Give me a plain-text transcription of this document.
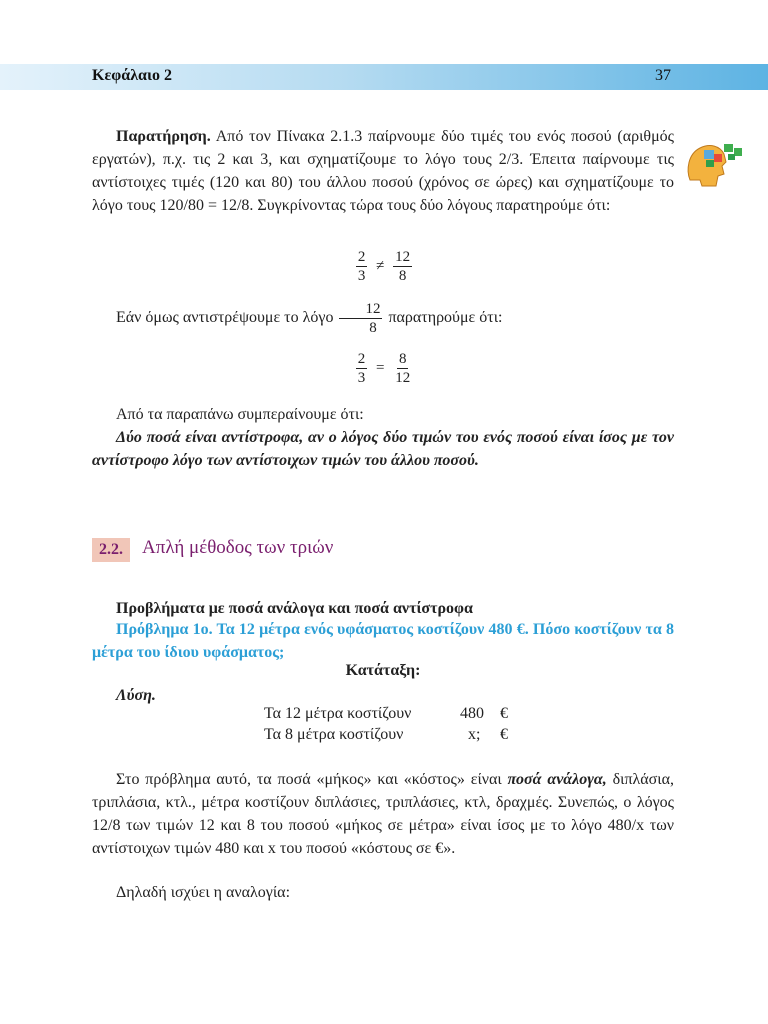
Κεφάλαιο 2	37
Παρατήρηση. Από τον Πίνακα 2.1.3 παίρνουμε δύο τιμές του ενός ποσού (αριθμός εργατών), π.χ. τις 2 και 3, και σχηματίζουμε το λόγο τους 2/3. Έπειτα παίρνουμε τις αντίστοιχες τιμές (120 και 80) του άλλου ποσού (χρόνος σε ώρες) και σχηματίζουμε το λόγο τους 120/80 = 12/8. Συγκρίνοντας τώρα τους δύο λόγους παρατηρούμε ότι:
$\frac{2}{3} \ne \frac{12}{8}$
Εάν όμως αντιστρέψουμε το λόγο $\frac{12}{8}$ παρατηρούμε ότι:
$\frac{2}{3} = \frac{8}{12}$
Από τα παραπάνω συμπεραίνουμε ότι:
Δύο ποσά είναι αντίστροφα, αν ο λόγος δύο τιμών του ενός ποσού είναι ίσος με τον αντίστροφο λόγο των αντίστοιχων τιμών του άλλου ποσού.
2.2.	Απλή μέθοδος των τριών
Προβλήματα με ποσά ανάλογα και ποσά αντίστροφα
Πρόβλημα 1ο. Τα 12 μέτρα ενός υφάσματος κοστίζουν 480 €. Πόσο κοστίζουν τα 8 μέτρα του ίδιου υφάσματος;
Κατάταξη:
Λύση.
Τα 12 μέτρα κοστίζουν	480 €
Τα 8 μέτρα κοστίζουν	x; €
Στο πρόβλημα αυτό, τα ποσά «μήκος» και «κόστος» είναι ποσά ανάλογα, διπλάσια, τριπλάσια, κτλ., μέτρα κοστίζουν διπλάσιες, τριπλάσιες, κτλ, δραχμές. Συνεπώς, ο λόγος 12/8 των τιμών 12 και 8 του ποσού «μήκος σε μέτρα» είναι ίσος με το λόγο 480/x των αντίστοιχων τιμών 480 και x του ποσού «κόστους σε €».
Δηλαδή ισχύει η αναλογία:
